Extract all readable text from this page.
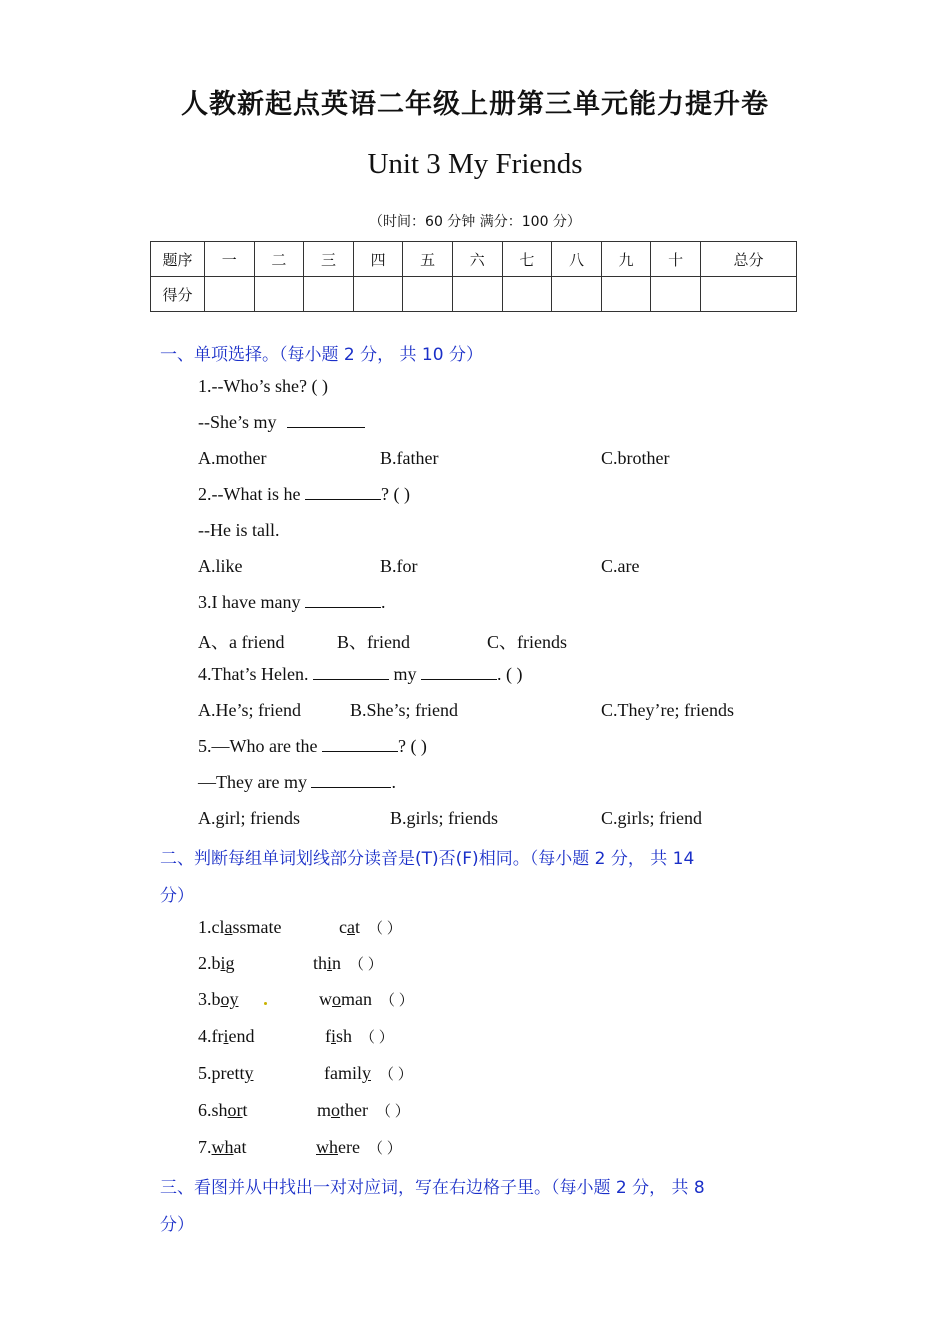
人教新起点英语二年级上册第三单元能力提升卷
Unit 3 My Friends
（时间：60 分钟 满分：100 分）
题序	一	二	三	四	五	六	七	八	九	十	总分
得分											
一、单项选择。（每小题 2 分， 共 10 分）
1.--Who’s she? ( )
--She’s my
A.mother	B.father	C.brother
2.--What is he	? ( )
--He is tall.
A.like	B.for	C.are
3.I have many	.
A、a friend	B、friend	C、friends
4.That’s Helen.	my	. ( )
A.He’s; friend	B.She’s; friend	C.They’re; friends
5.—Who are the	? ( )
—They are my	.
A.girl; friends	B.girls; friends	C.girls; friend
二、判断每组单词划线部分读音是(T)否(F)相同。（每小题 2 分， 共 14
分）
1.classmate	cat （ ）
2.big	thin （ ）
3.boy	woman （ ）
4.friend	fish （ ）
5.pretty	family （ ）
6.short	mother （ ）
7.what	where （ ）
三、看图并从中找出一对对应词，写在右边格子里。（每小题 2 分， 共 8
分）
